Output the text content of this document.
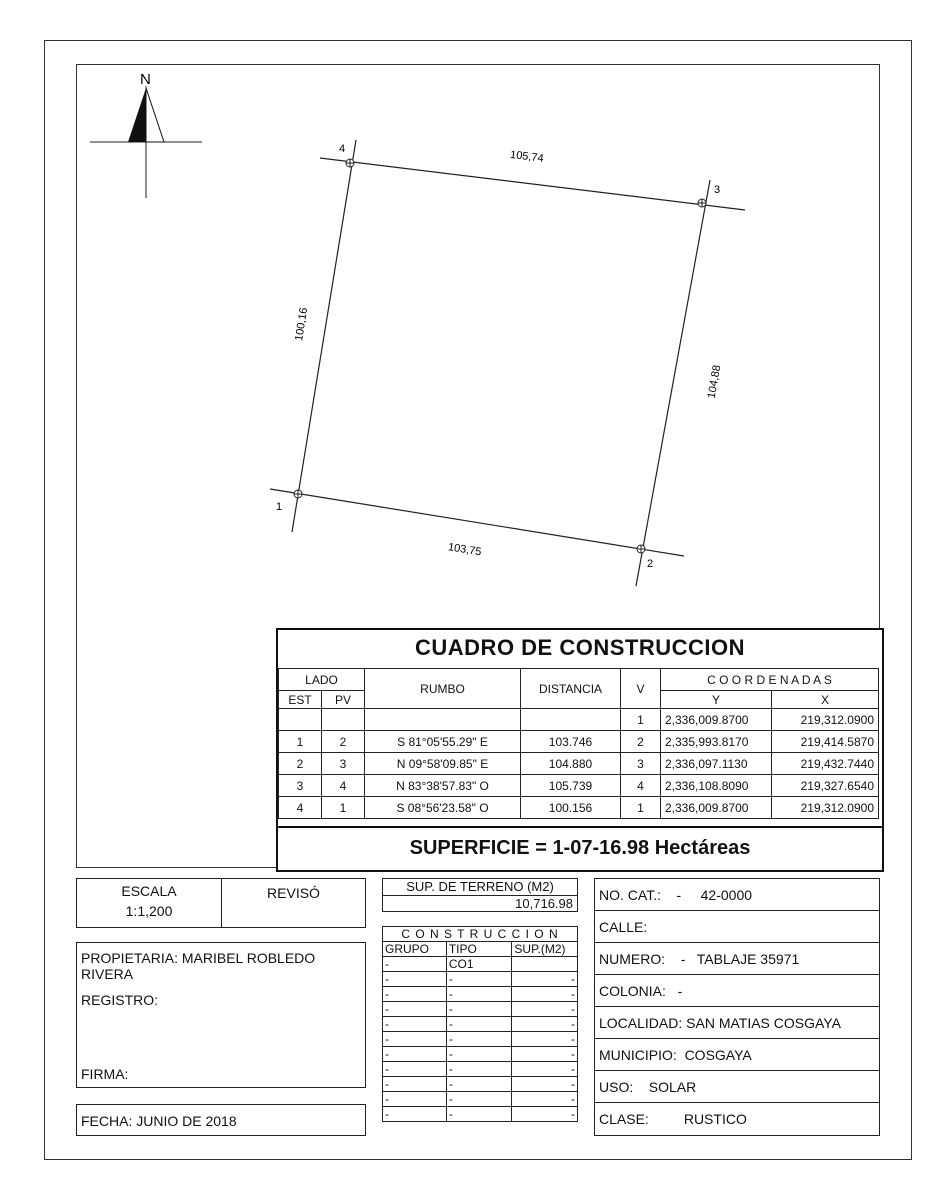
N
1
2
3
4	105,74
104,88
103,75
100,16
CUADRO DE CONSTRUCCION
LADO		RUMBO	DISTANCIA	V	C O O R D E N A D A S	
EST	PV				Y	X
				1	2,336,009.8700	219,312.0900
1	2	S 81°05'55.29" E	103.746	2	2,335,993.8170	219,414.5870
2	3	N 09°58'09.85" E	104.880	3	2,336,097.1130	219,432.7440
3	4	N 83°38'57.83" O	105.739	4	2,336,108.8090	219,327.6540
4	1	S 08°56'23.58" O	100.156	1	2,336,009.8700	219,312.0900
SUPERFICIE = 1-07-16.98 Hectáreas
ESCALA
1:1,200
REVISÓ
PROPIETARIA: MARIBEL ROBLEDO
RIVERA
REGISTRO:
FIRMA:
FECHA: JUNIO DE 2018
SUP. DE TERRENO (M2)
10,716.98
C O N S T R U C C I O N		
GRUPO	TIPO	SUP.(M2)
-	CO1	
-	-	-
-	-	-
-	-	-
-	-	-
-	-	-
-	-	-
-	-	-
-	-	-
-	-	-
-	-	-
NO. CAT.: -     42-0000
CALLE:
NUMERO: -   TABLAJE 35971
COLONIA: -
LOCALIDAD: SAN MATIAS COSGAYA
MUNICIPIO: COSGAYA
USO: SOLAR
CLASE:	RUSTICO
